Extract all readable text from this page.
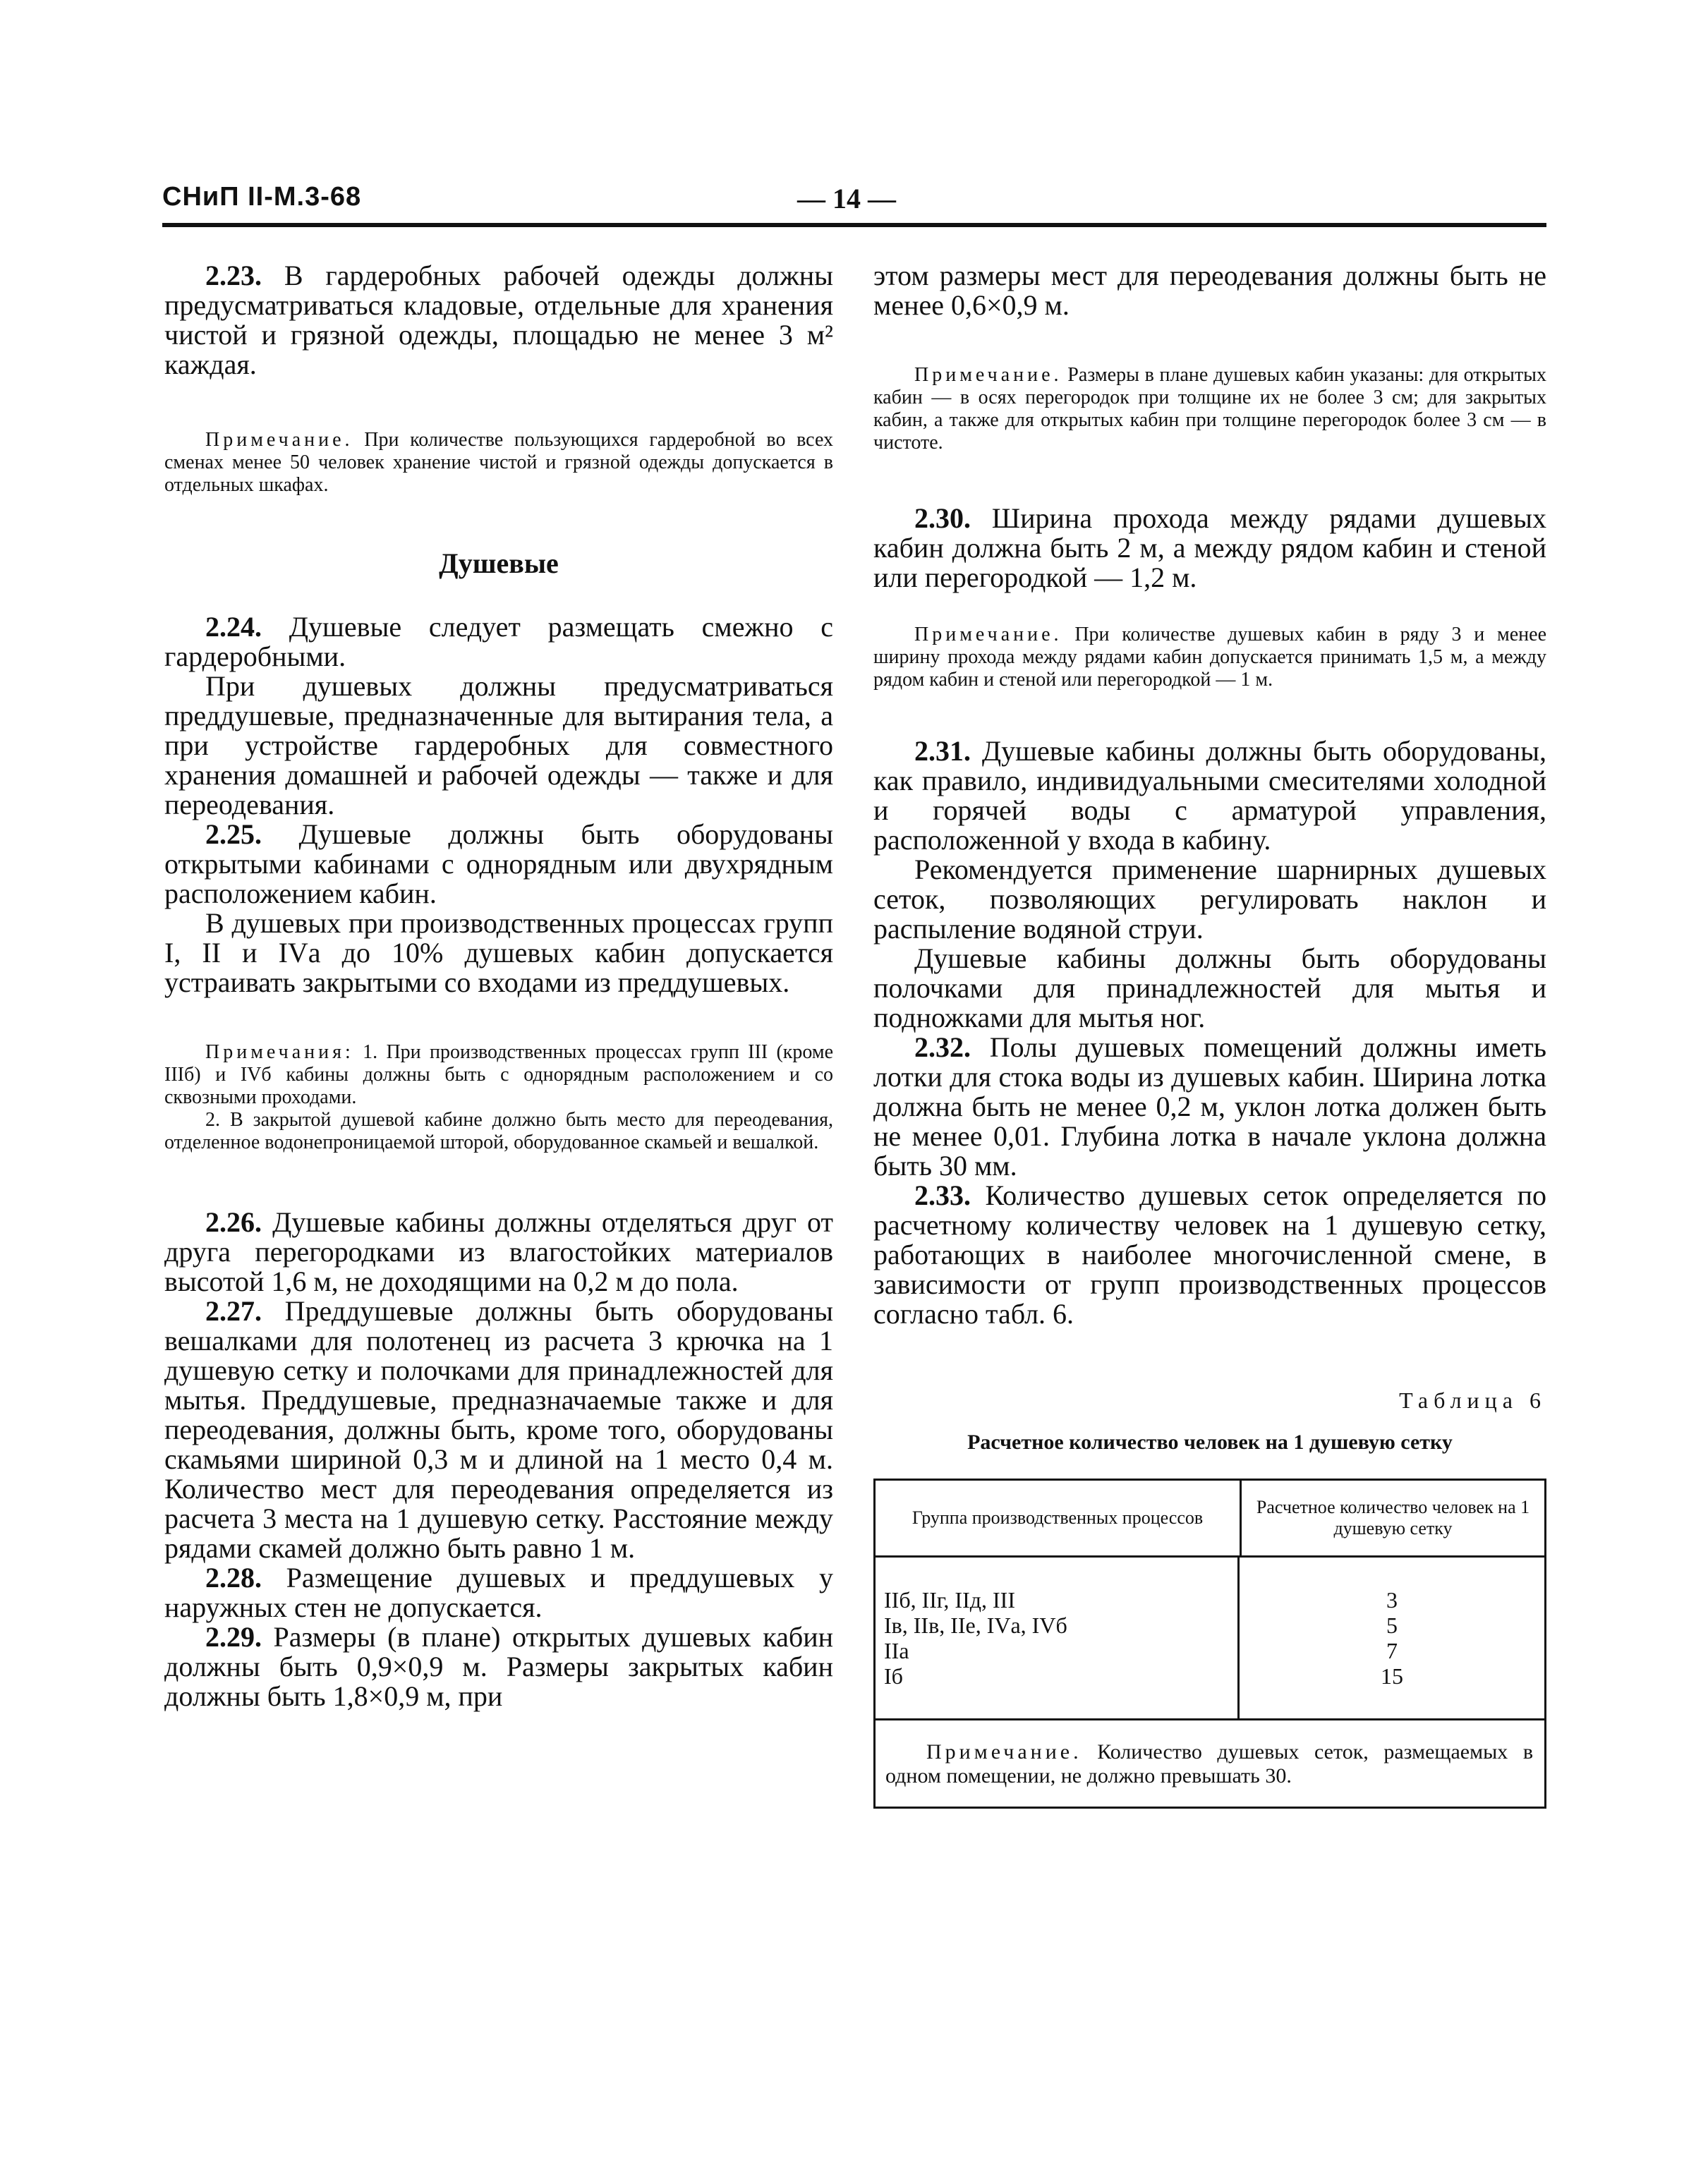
СНиП II-М.3-68	— 14 —

2.23. В гардеробных рабочей одежды должны предусматриваться кладовые, отдельные для хранения чистой и грязной одежды, площадью не менее 3 м² каждая.

Примечание. При количестве пользующихся гардеробной во всех сменах менее 50 человек хранение чистой и грязной одежды допускается в отдельных шкафах.

Душевые

2.24. Душевые следует размещать смежно с гардеробными.

При душевых должны предусматриваться преддушевые, предназначенные для вытирания тела, а при устройстве гардеробных для совместного хранения домашней и рабочей одежды — также и для переодевания.

2.25. Душевые должны быть оборудованы открытыми кабинами с однорядным или двухрядным расположением кабин.

В душевых при производственных процессах групп I, II и IVа до 10% душевых кабин допускается устраивать закрытыми со входами из преддушевых.

Примечания: 1. При производственных процессах групп III (кроме IIIб) и IVб кабины должны быть с однорядным расположением и со сквозными проходами.

2. В закрытой душевой кабине должно быть место для переодевания, отделенное водонепроницаемой шторой, оборудованное скамьей и вешалкой.

2.26. Душевые кабины должны отделяться друг от друга перегородками из влагостойких материалов высотой 1,6 м, не доходящими на 0,2 м до пола.

2.27. Преддушевые должны быть оборудованы вешалками для полотенец из расчета 3 крючка на 1 душевую сетку и полочками для принадлежностей для мытья. Преддушевые, предназначаемые также и для переодевания, должны быть, кроме того, оборудованы скамьями шириной 0,3 м и длиной на 1 место 0,4 м. Количество мест для переодевания определяется из расчета 3 места на 1 душевую сетку. Расстояние между рядами скамей должно быть равно 1 м.

2.28. Размещение душевых и преддушевых у наружных стен не допускается.

2.29. Размеры (в плане) открытых душевых кабин должны быть 0,9×0,9 м. Размеры закрытых кабин должны быть 1,8×0,9 м, при

этом размеры мест для переодевания должны быть не менее 0,6×0,9 м.

Примечание. Размеры в плане душевых кабин указаны: для открытых кабин — в осях перегородок при толщине их не более 3 см; для закрытых кабин, а также для открытых кабин при толщине перегородок более 3 см — в чистоте.

2.30. Ширина прохода между рядами душевых кабин должна быть 2 м, а между рядом кабин и стеной или перегородкой — 1,2 м.

Примечание. При количестве душевых кабин в ряду 3 и менее ширину прохода между рядами кабин допускается принимать 1,5 м, а между рядом кабин и стеной или перегородкой — 1 м.

2.31. Душевые кабины должны быть оборудованы, как правило, индивидуальными смесителями холодной и горячей воды с арматурой управления, расположенной у входа в кабину.

Рекомендуется применение шарнирных душевых сеток, позволяющих регулировать наклон и распыление водяной струи.

Душевые кабины должны быть оборудованы полочками для принадлежностей для мытья и подножками для мытья ног.

2.32. Полы душевых помещений должны иметь лотки для стока воды из душевых кабин. Ширина лотка должна быть не менее 0,2 м, уклон лотка должен быть не менее 0,01. Глубина лотка в начале уклона должна быть 30 мм.

2.33. Количество душевых сеток определяется по расчетному количеству человек на 1 душевую сетку, работающих в наиболее многочисленной смене, в зависимости от групп производственных процессов согласно табл. 6.

Таблица 6

Расчетное количество человек на 1 душевую сетку

Группа производственных процессов
Расчетное количество человек на 1 душевую сетку
IIб, IIг, IIд, III
Iв, IIв, IIе, IVа, IVб
IIа
Iб
3
5
7
15

Примечание. Количество душевых сеток, размещаемых в одном помещении, не должно превышать 30.
